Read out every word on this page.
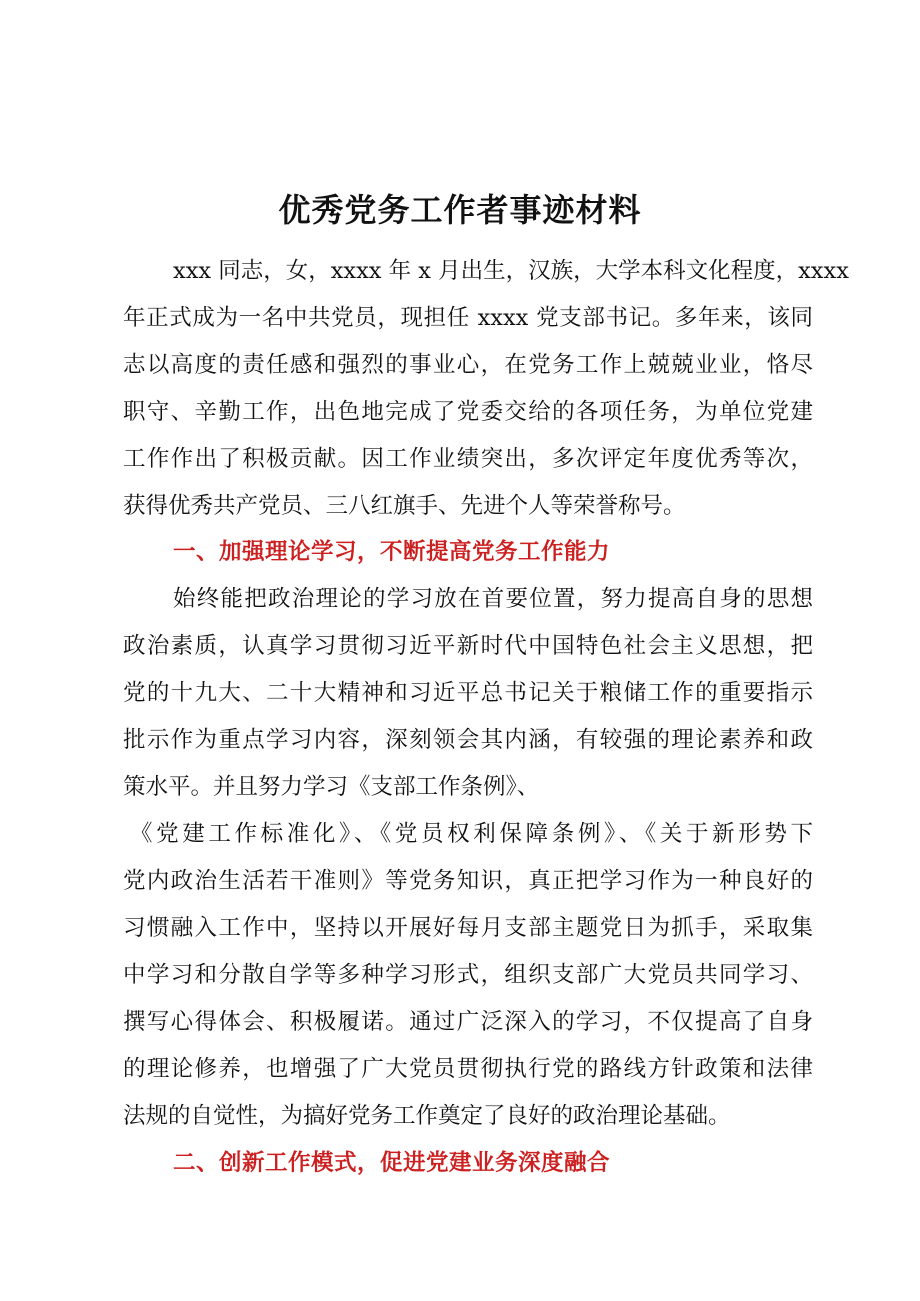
优秀党务工作者事迹材料

xxx 同志，女，xxxx 年 x 月出生，汉族，大学本科文化程度，xxxx

年正式成为一名中共党员，现担任 xxxx 党支部书记。多年来，该同

志以高度的责任感和强烈的事业心，在党务工作上兢兢业业，恪尽

职守、辛勤工作，出色地完成了党委交给的各项任务，为单位党建

工作作出了积极贡献。因工作业绩突出，多次评定年度优秀等次，

获得优秀共产党员、三八红旗手、先进个人等荣誉称号。

一、加强理论学习，不断提高党务工作能力

始终能把政治理论的学习放在首要位置，努力提高自身的思想

政治素质，认真学习贯彻习近平新时代中国特色社会主义思想，把

党的十九大、二十大精神和习近平总书记关于粮储工作的重要指示

批示作为重点学习内容，深刻领会其内涵，有较强的理论素养和政

策水平。并且努力学习《支部工作条例》、

《党建工作标准化》、《党员权利保障条例》、《关于新形势下

党内政治生活若干准则》等党务知识，真正把学习作为一种良好的

习惯融入工作中，坚持以开展好每月支部主题党日为抓手，采取集

中学习和分散自学等多种学习形式，组织支部广大党员共同学习、

撰写心得体会、积极履诺。通过广泛深入的学习，不仅提高了自身

的理论修养，也增强了广大党员贯彻执行党的路线方针政策和法律

法规的自觉性，为搞好党务工作奠定了良好的政治理论基础。

二、创新工作模式，促进党建业务深度融合
